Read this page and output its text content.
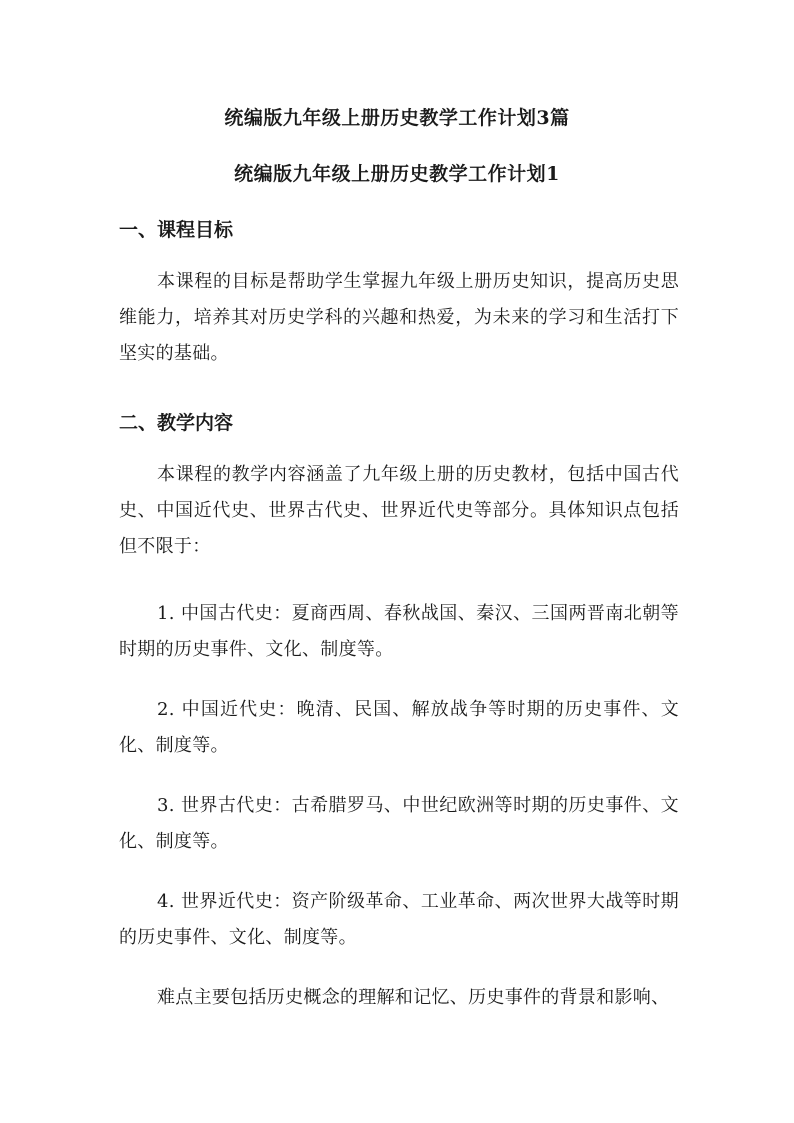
统编版九年级上册历史教学工作计划3篇
统编版九年级上册历史教学工作计划1
一、课程目标
本课程的目标是帮助学生掌握九年级上册历史知识，提高历史思维能力，培养其对历史学科的兴趣和热爱，为未来的学习和生活打下坚实的基础。
二、教学内容
本课程的教学内容涵盖了九年级上册的历史教材，包括中国古代史、中国近代史、世界古代史、世界近代史等部分。具体知识点包括但不限于：
1. 中国古代史：夏商西周、春秋战国、秦汉、三国两晋南北朝等时期的历史事件、文化、制度等。
2. 中国近代史：晚清、民国、解放战争等时期的历史事件、文化、制度等。
3. 世界古代史：古希腊罗马、中世纪欧洲等时期的历史事件、文化、制度等。
4. 世界近代史：资产阶级革命、工业革命、两次世界大战等时期的历史事件、文化、制度等。
难点主要包括历史概念的理解和记忆、历史事件的背景和影响、
